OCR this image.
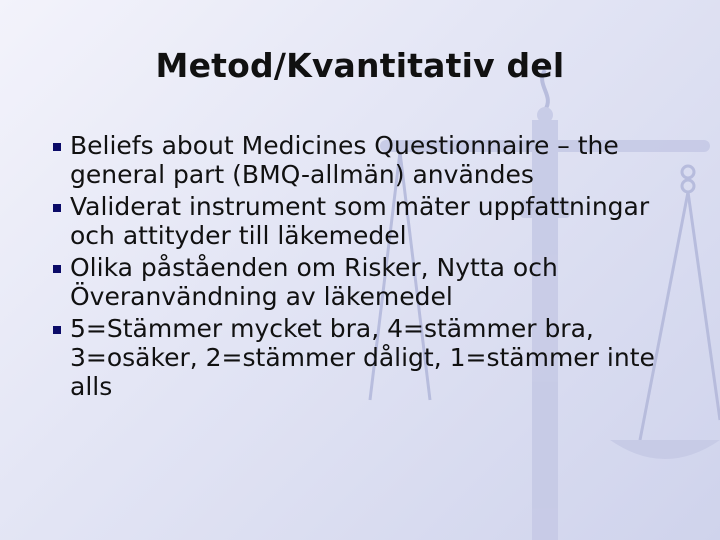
Metod/Kvantitativ del
Beliefs about Medicines Questionnaire – the general part (BMQ-allmän) användes
Validerat instrument som mäter uppfattningar och attityder till läkemedel
Olika påståenden om Risker, Nytta och Överanvändning av läkemedel
5=Stämmer mycket bra, 4=stämmer bra, 3=osäker, 2=stämmer dåligt, 1=stämmer inte alls
